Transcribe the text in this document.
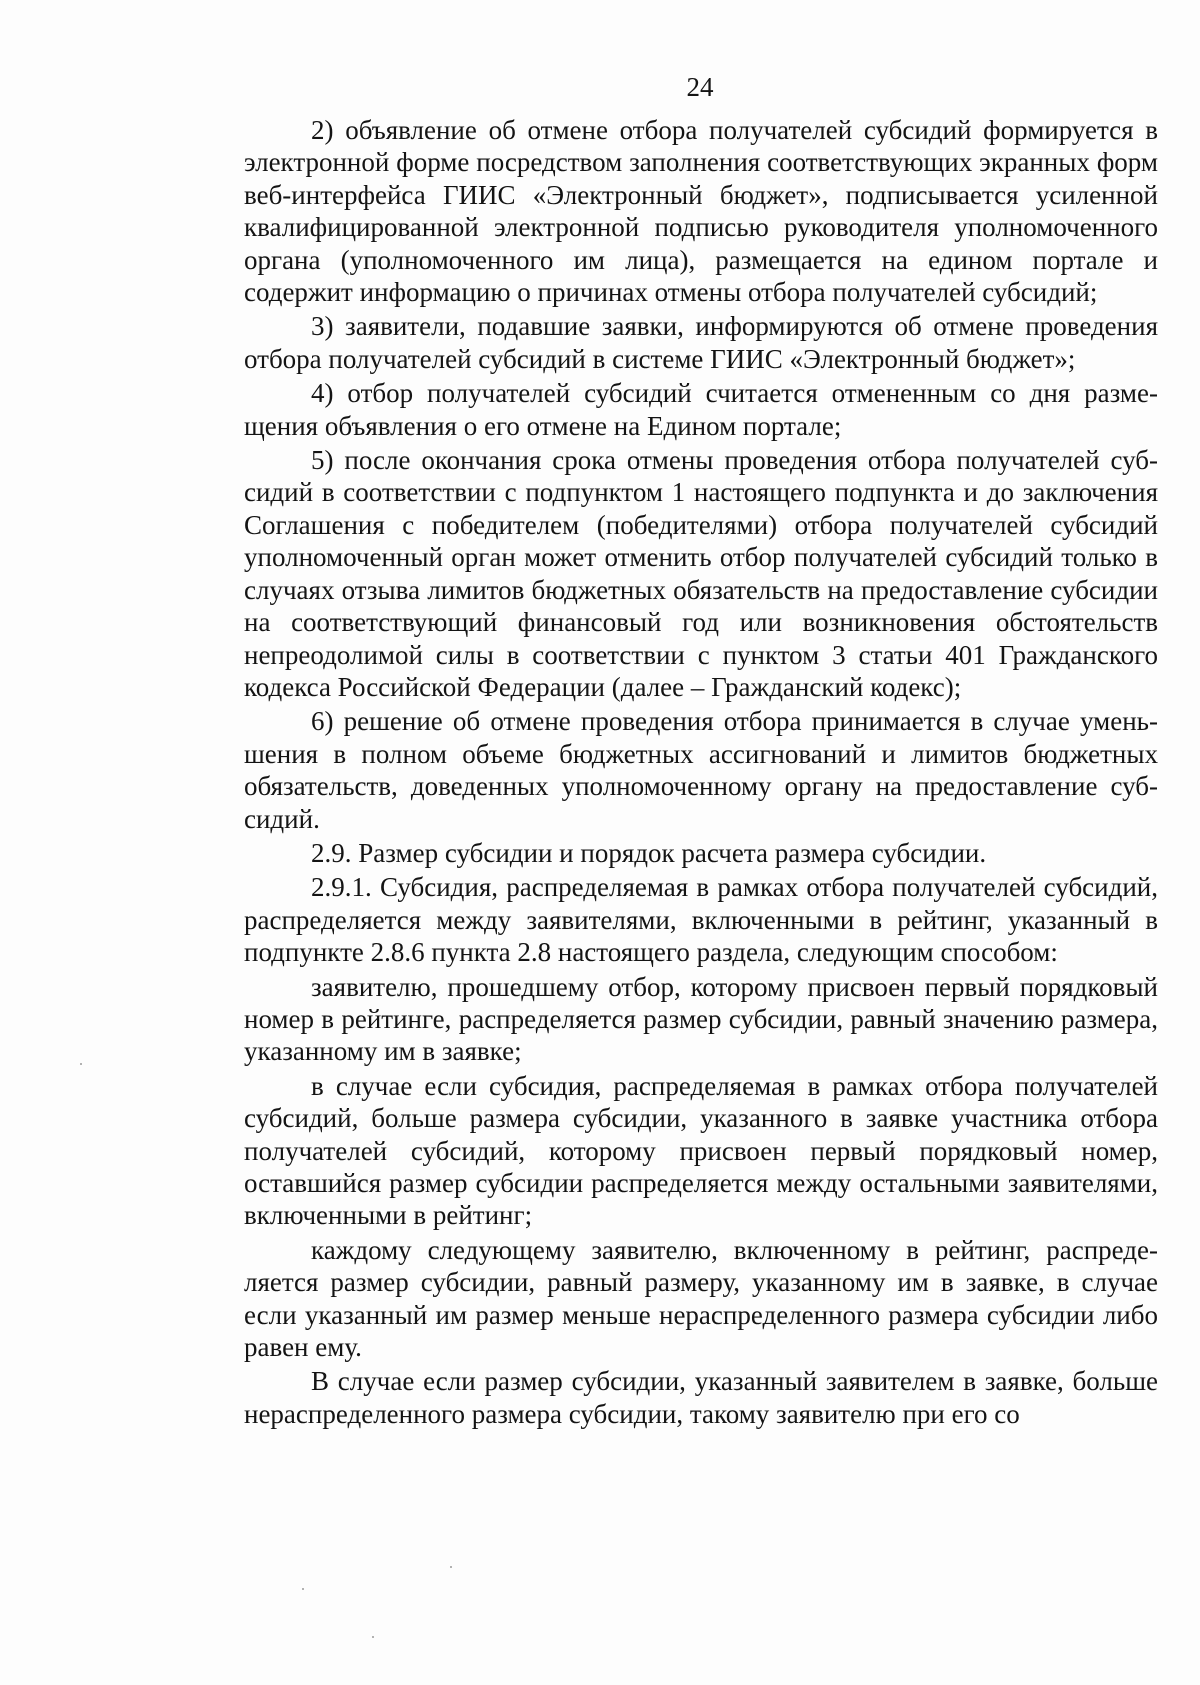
24

2) объявление об отмене отбора получателей субсидий формируется в электронной форме посредством заполнения соответствующих экранных форм веб-интерфейса ГИИС «Электронный бюджет», подписывается усиленной квалифицированной электронной подписью руководителя уполномоченного органа (уполномоченного им лица), размещается на едином портале и содержит информацию о причинах отмены отбора получателей субсидий;

3) заявители, подавшие заявки, информируются об отмене проведения отбора получателей субсидий в системе ГИИС «Электронный бюджет»;

4) отбор получателей субсидий считается отмененным со дня размещения объявления о его отмене на Едином портале;

5) после окончания срока отмены проведения отбора получателей субсидий в соответствии с подпунктом 1 настоящего подпункта и до заключения Соглашения с победителем (победителями) отбора получателей субсидий уполномоченный орган может отменить отбор получателей субсидий только в случаях отзыва лимитов бюджетных обязательств на предоставление субсидии на соответствующий финансовый год или возникновения обстоятельств непреодолимой силы в соответствии с пунктом 3 статьи 401 Гражданского кодекса Российской Федерации (далее – Гражданский кодекс);

6) решение об отмене проведения отбора принимается в случае уменьшения в полном объеме бюджетных ассигнований и лимитов бюджетных обязательств, доведенных уполномоченному органу на предоставление субсидий.

2.9. Размер субсидии и порядок расчета размера субсидии.

2.9.1. Субсидия, распределяемая в рамках отбора получателей субсидий, распределяется между заявителями, включенными в рейтинг, указанный в подпункте 2.8.6 пункта 2.8 настоящего раздела, следующим способом:

заявителю, прошедшему отбор, которому присвоен первый порядковый номер в рейтинге, распределяется размер субсидии, равный значению размера, указанному им в заявке;

в случае если субсидия, распределяемая в рамках отбора получателей субсидий, больше размера субсидии, указанного в заявке участника отбора получателей субсидий, которому присвоен первый порядковый номер, оставшийся размер субсидии распределяется между остальными заявителями, включенными в рейтинг;

каждому следующему заявителю, включенному в рейтинг, распределяется размер субсидии, равный размеру, указанному им в заявке, в случае если указанный им размер меньше нераспределенного размера субсидии либо равен ему.

В случае если размер субсидии, указанный заявителем в заявке, больше нераспределенного размера субсидии, такому заявителю при его со
